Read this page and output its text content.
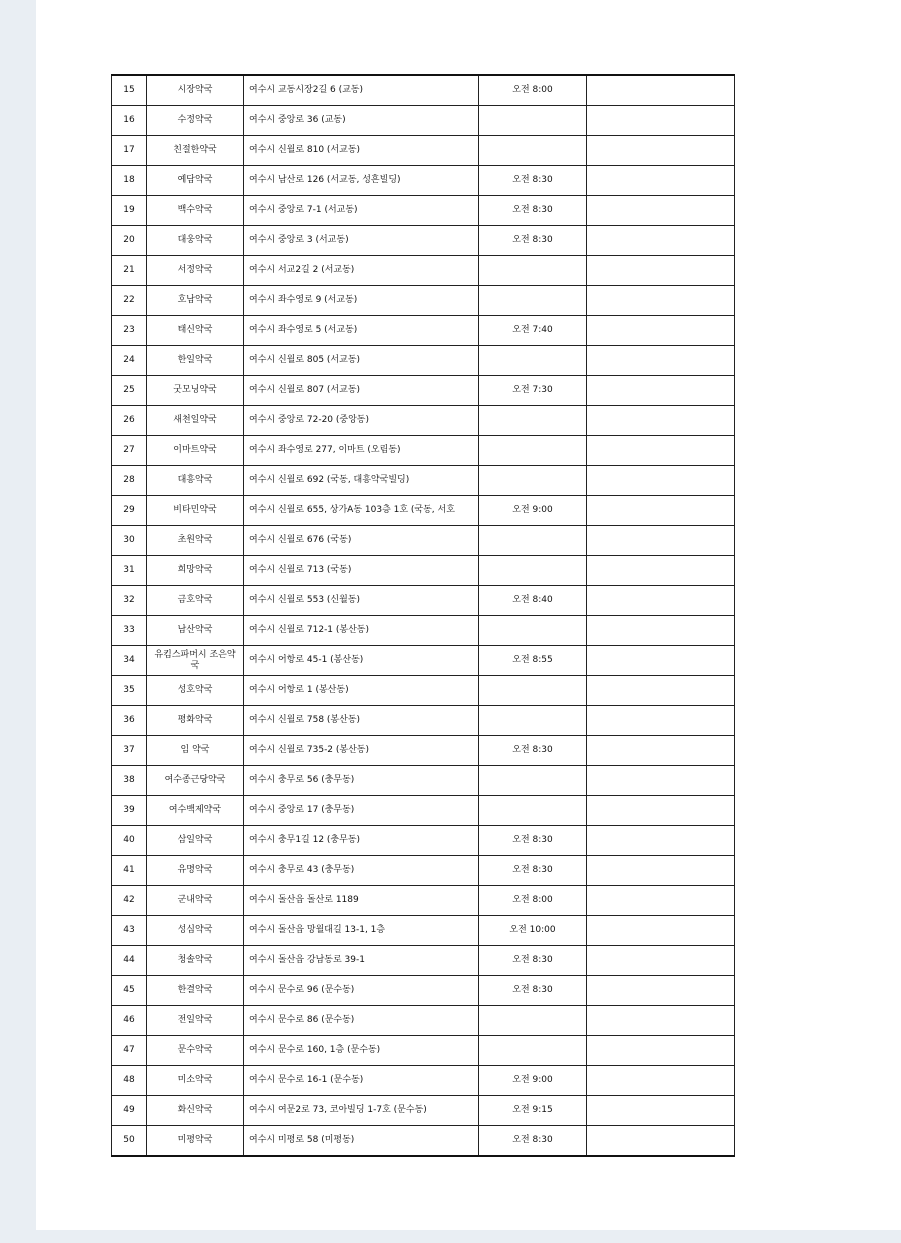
15	시장약국	여수시 교동시장2길 6 (교동)	오전 8:00	
16	수정약국	여수시 중앙로 36 (교동)		
17	친절한약국	여수시 신월로 810 (서교동)		
18	예담약국	여수시 남산로 126 (서교동, 성흔빌딩)	오전 8:30	
19	백수약국	여수시 중앙로 7-1 (서교동)	오전 8:30	
20	대웅약국	여수시 중앙로 3 (서교동)	오전 8:30	
21	서정약국	여수시 서교2길 2 (서교동)		
22	호남약국	여수시 좌수영로 9 (서교동)		
23	태신약국	여수시 좌수영로 5 (서교동)	오전 7:40	
24	한일약국	여수시 신월로 805 (서교동)		
25	굿모닝약국	여수시 신월로 807 (서교동)	오전 7:30	
26	새천일약국	여수시 중앙로 72-20 (중앙동)		
27	이마트약국	여수시 좌수영로 277, 이마트 (오림동)		
28	대흥약국	여수시 신월로 692 (국동, 대흥약국빌딩)		
29	비타민약국	여수시 신월로 655, 상가A동 103층 1호 (국동, 서호	오전 9:00	
30	초원약국	여수시 신월로 676 (국동)		
31	희망약국	여수시 신월로 713 (국동)		
32	금호약국	여수시 신월로 553 (신월동)	오전 8:40	
33	남산약국	여수시 신월로 712-1 (봉산동)		
34	유킴스파머시 조은약국	여수시 어항로 45-1 (봉산동)	오전 8:55	
35	성호약국	여수시 어항로 1 (봉산동)		
36	평화약국	여수시 신월로 758 (봉산동)		
37	임 약국	여수시 신월로 735-2 (봉산동)	오전 8:30	
38	여수종근당약국	여수시 충무로 56 (충무동)		
39	여수백제약국	여수시 중앙로 17 (충무동)		
40	삼일약국	여수시 충무1길 12 (충무동)	오전 8:30	
41	유명약국	여수시 충무로 43 (충무동)	오전 8:30	
42	군내약국	여수시 돌산읍 돌산로 1189	오전 8:00	
43	성심약국	여수시 돌산읍 망월대길 13-1, 1층	오전 10:00	
44	청솔약국	여수시 돌산읍 강남동로 39-1	오전 8:30	
45	한결약국	여수시 문수로 96 (문수동)	오전 8:30	
46	전일약국	여수시 문수로 86 (문수동)		
47	문수약국	여수시 문수로 160, 1층 (문수동)		
48	미소약국	여수시 문수로 16-1 (문수동)	오전 9:00	
49	화신약국	여수시 여문2로 73, 코아빌딩 1-7호 (문수동)	오전 9:15	
50	미평약국	여수시 미평로 58 (미평동)	오전 8:30	
